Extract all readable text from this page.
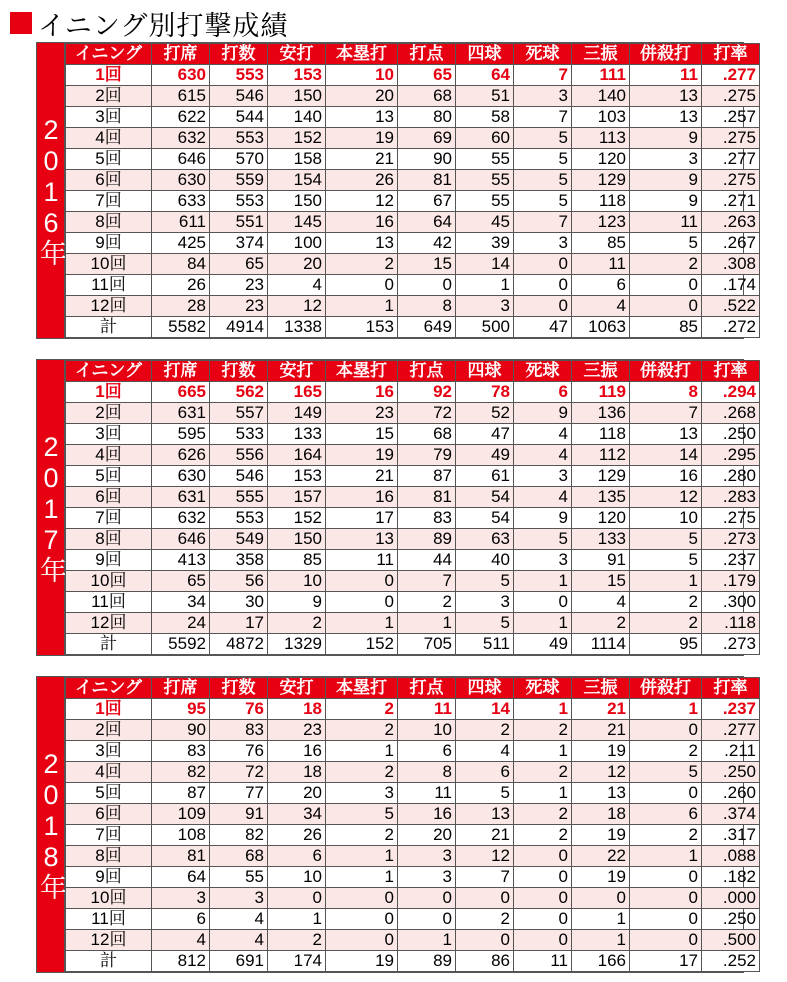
イニング別打撃成績
2016年
イニング	打席	打数	安打	本塁打	打点	四球	死球	三振	併殺打	打率
1回	630	553	153	10	65	64	7	111	11	.277
2回	615	546	150	20	68	51	3	140	13	.275
3回	622	544	140	13	80	58	7	103	13	.257
4回	632	553	152	19	69	60	5	113	9	.275
5回	646	570	158	21	90	55	5	120	3	.277
6回	630	559	154	26	81	55	5	129	9	.275
7回	633	553	150	12	67	55	5	118	9	.271
8回	611	551	145	16	64	45	7	123	11	.263
9回	425	374	100	13	42	39	3	85	5	.267
10回	84	65	20	2	15	14	0	11	2	.308
11回	26	23	4	0	0	1	0	6	0	.174
12回	28	23	12	1	8	3	0	4	0	.522
計	5582	4914	1338	153	649	500	47	1063	85	.272
2017年
イニング	打席	打数	安打	本塁打	打点	四球	死球	三振	併殺打	打率
1回	665	562	165	16	92	78	6	119	8	.294
2回	631	557	149	23	72	52	9	136	7	.268
3回	595	533	133	15	68	47	4	118	13	.250
4回	626	556	164	19	79	49	4	112	14	.295
5回	630	546	153	21	87	61	3	129	16	.280
6回	631	555	157	16	81	54	4	135	12	.283
7回	632	553	152	17	83	54	9	120	10	.275
8回	646	549	150	13	89	63	5	133	5	.273
9回	413	358	85	11	44	40	3	91	5	.237
10回	65	56	10	0	7	5	1	15	1	.179
11回	34	30	9	0	2	3	0	4	2	.300
12回	24	17	2	1	1	5	1	2	2	.118
計	5592	4872	1329	152	705	511	49	1114	95	.273
2018年
イニング	打席	打数	安打	本塁打	打点	四球	死球	三振	併殺打	打率
1回	95	76	18	2	11	14	1	21	1	.237
2回	90	83	23	2	10	2	2	21	0	.277
3回	83	76	16	1	6	4	1	19	2	.211
4回	82	72	18	2	8	6	2	12	5	.250
5回	87	77	20	3	11	5	1	13	0	.260
6回	109	91	34	5	16	13	2	18	6	.374
7回	108	82	26	2	20	21	2	19	2	.317
8回	81	68	6	1	3	12	0	22	1	.088
9回	64	55	10	1	3	7	0	19	0	.182
10回	3	3	0	0	0	0	0	0	0	.000
11回	6	4	1	0	0	2	0	1	0	.250
12回	4	4	2	0	1	0	0	1	0	.500
計	812	691	174	19	89	86	11	166	17	.252
